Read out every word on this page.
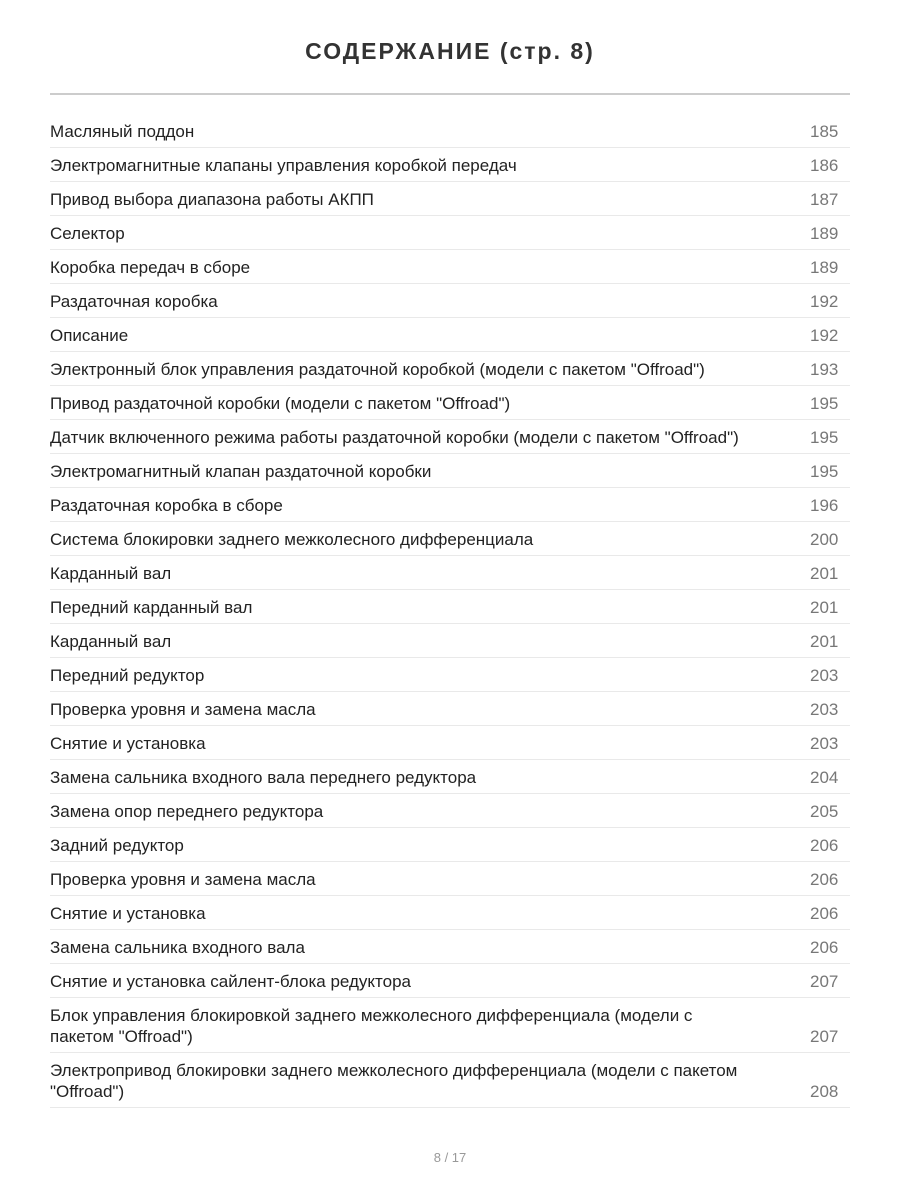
СОДЕРЖАНИЕ (стр. 8)
Масляный поддон	185
Электромагнитные клапаны управления коробкой передач	186
Привод выбора диапазона работы АКПП	187
Селектор	189
Коробка передач в сборе	189
Раздаточная коробка	192
Описание	192
Электронный блок управления раздаточной коробкой (модели с пакетом "Offroad")	193
Привод раздаточной коробки (модели с пакетом "Offroad")	195
Датчик включенного режима работы раздаточной коробки (модели с пакетом "Offroad")	195
Электромагнитный клапан раздаточной коробки	195
Раздаточная коробка в сборе	196
Система блокировки заднего межколесного дифференциала	200
Карданный вал	201
Передний карданный вал	201
Карданный вал	201
Передний редуктор	203
Проверка уровня и замена масла	203
Снятие и установка	203
Замена сальника входного вала переднего редуктора	204
Замена опор переднего редуктора	205
Задний редуктор	206
Проверка уровня и замена масла	206
Снятие и установка	206
Замена сальника входного вала	206
Снятие и установка сайлент-блока редуктора	207
Блок управления блокировкой заднего межколесного дифференциала (модели с пакетом "Offroad")	207
Электропривод блокировки заднего межколесного дифференциала (модели с пакетом "Offroad")	208
8 / 17
